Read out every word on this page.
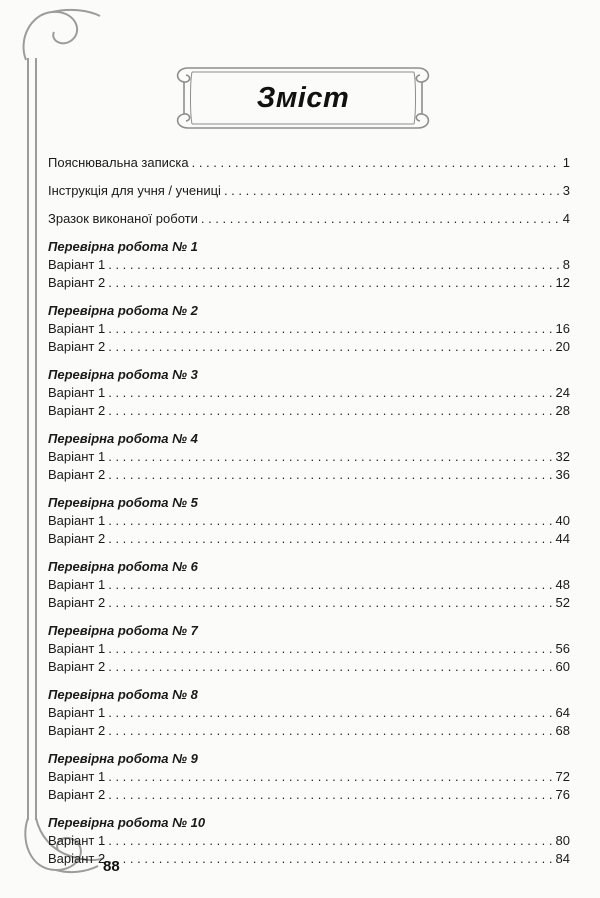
Зміст
Пояснювальна записка . . .	1
Інструкція для учня / учениці . . .	3
Зразок виконаної роботи . . .	4
Перевірна робота № 1
Варіант 1 . . .	8
Варіант 2 . . .	12
Перевірна робота № 2
Варіант 1 . . .	16
Варіант 2 . . .	20
Перевірна робота № 3
Варіант 1 . . .	24
Варіант 2 . . .	28
Перевірна робота № 4
Варіант 1 . . .	32
Варіант 2 . . .	36
Перевірна робота № 5
Варіант 1 . . .	40
Варіант 2 . . .	44
Перевірна робота № 6
Варіант 1 . . .	48
Варіант 2 . . .	52
Перевірна робота № 7
Варіант 1 . . .	56
Варіант 2 . . .	60
Перевірна робота № 8
Варіант 1 . . .	64
Варіант 2 . . .	68
Перевірна робота № 9
Варіант 1 . . .	72
Варіант 2 . . .	76
Перевірна робота № 10
Варіант 1 . . .	80
Варіант 2 . . .	84
88
